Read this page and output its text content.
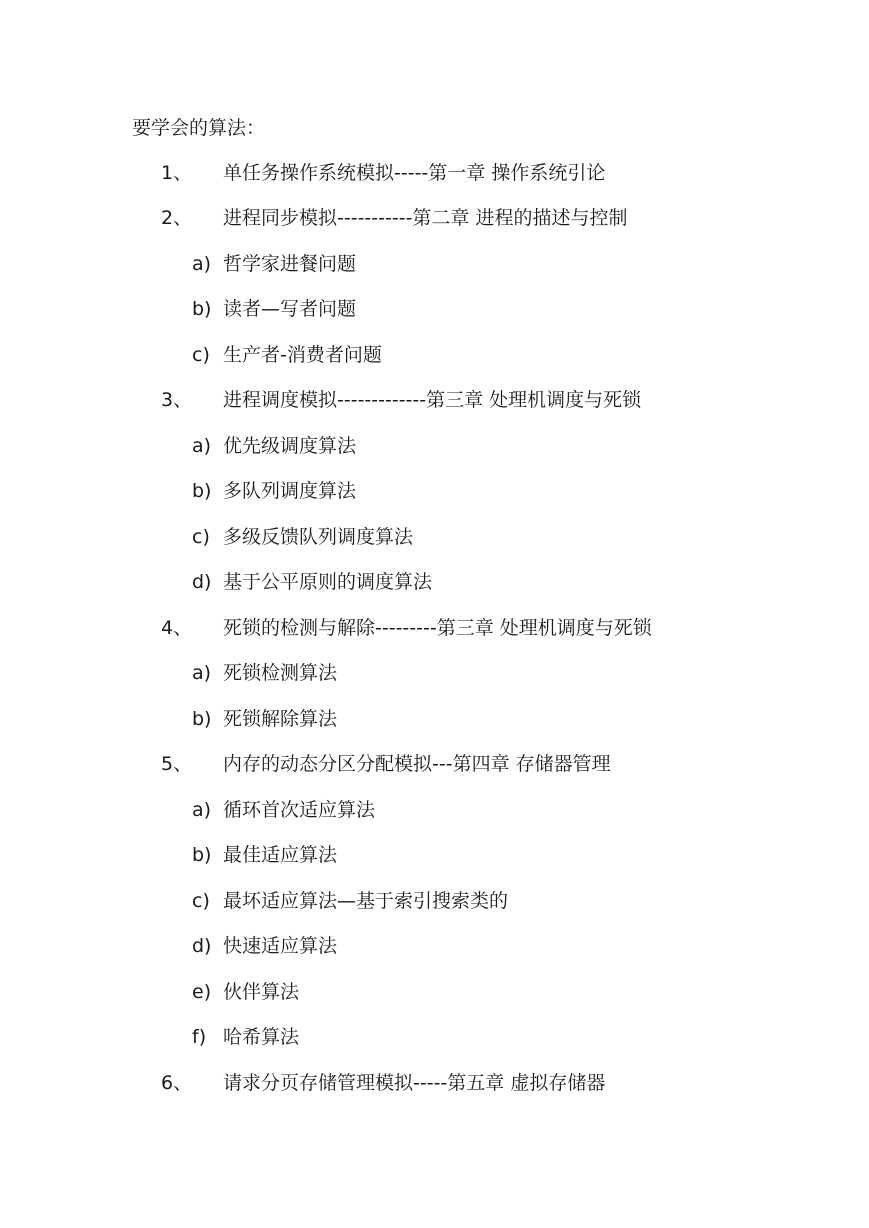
要学会的算法：
1、 单任务操作系统模拟-----第一章 操作系统引论
2、 进程同步模拟-----------第二章 进程的描述与控制
a) 哲学家进餐问题
b) 读者—写者问题
c) 生产者-消费者问题
3、 进程调度模拟-------------第三章 处理机调度与死锁
a) 优先级调度算法
b) 多队列调度算法
c) 多级反馈队列调度算法
d) 基于公平原则的调度算法
4、 死锁的检测与解除---------第三章 处理机调度与死锁
a) 死锁检测算法
b) 死锁解除算法
5、 内存的动态分区分配模拟---第四章 存储器管理
a) 循环首次适应算法
b) 最佳适应算法
c) 最坏适应算法—基于索引搜索类的
d) 快速适应算法
e) 伙伴算法
f) 哈希算法
6、 请求分页存储管理模拟-----第五章 虚拟存储器
